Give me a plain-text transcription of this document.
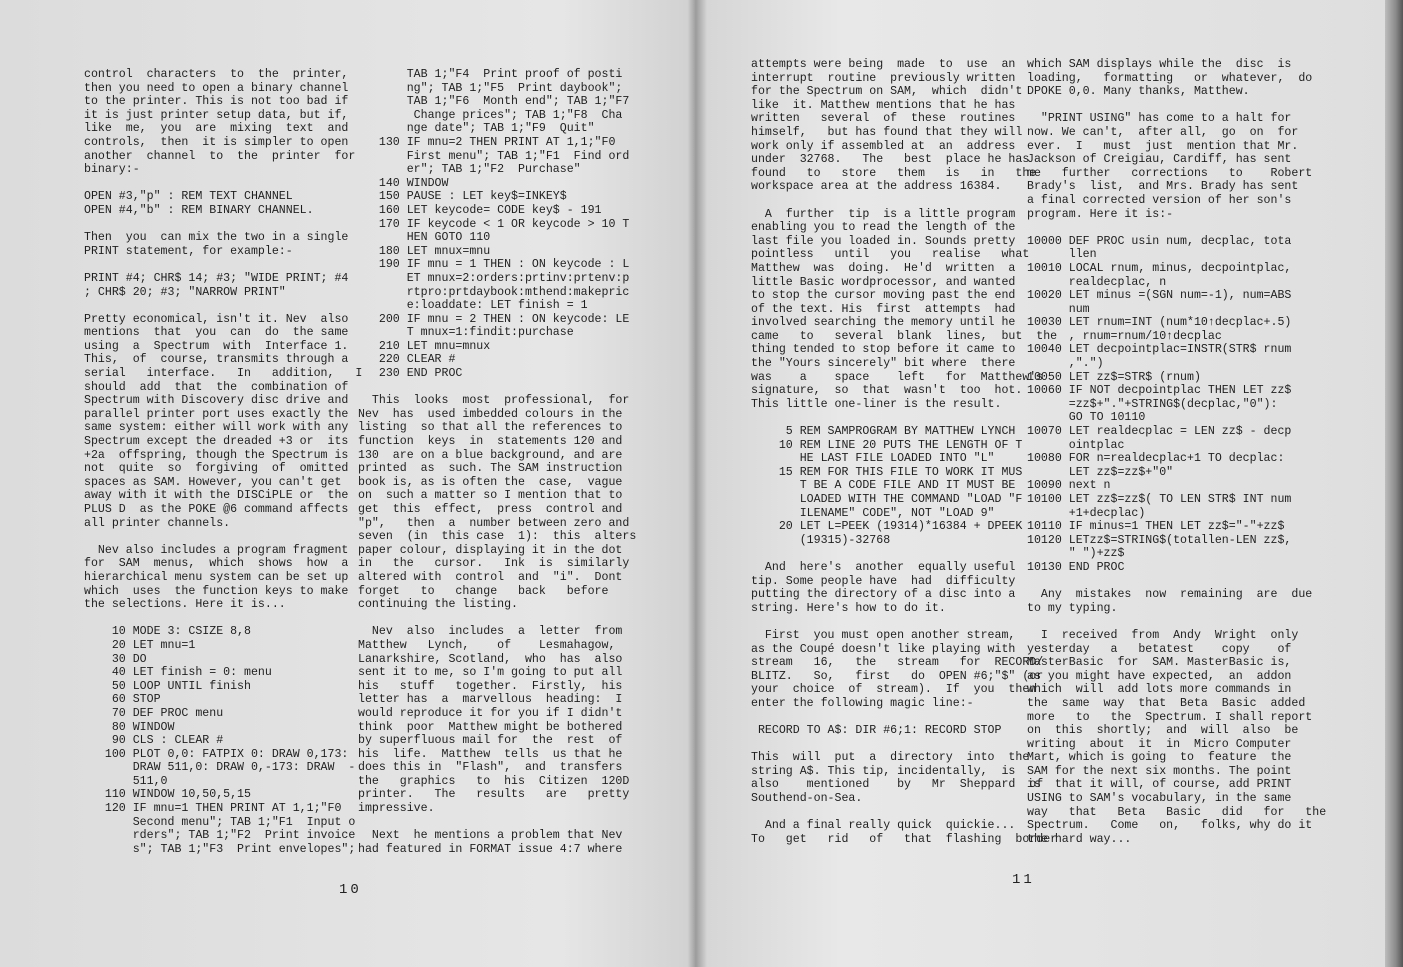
control  characters  to  the  printer,
then you need to open a binary channel
to the printer. This is not too bad if
it is just printer setup data, but if,
like  me,  you  are  mixing  text  and
controls,  then  it is simpler to open
another  channel  to  the  printer  for
binary:-

OPEN #3,"p" : REM TEXT CHANNEL
OPEN #4,"b" : REM BINARY CHANNEL.

Then  you  can mix the two in a single
PRINT statement, for example:-

PRINT #4; CHR$ 14; #3; "WIDE PRINT; #4
; CHR$ 20; #3; "NARROW PRINT"

Pretty economical, isn't it. Nev  also
mentions  that  you  can  do  the same
using  a  Spectrum  with  Interface 1.
This,  of  course, transmits through a
serial   interface.   In   addition,   I
should  add  that  the  combination of
Spectrum with Discovery disc drive and
parallel printer port uses exactly the
same system: either will work with any
Spectrum except the dreaded +3 or  its
+2a  offspring, though the Spectrum is
not  quite  so  forgiving  of  omitted
spaces as SAM. However, you can't get
away with it with the DISCiPLE or  the
PLUS D  as the POKE @6 command affects
all printer channels.

Nev also includes a program fragment
for  SAM  menus,  which  shows  how  a
hierarchical menu system can be set up
which  uses  the function keys to make
the selections. Here it is...

10 MODE 3: CSIZE 8,8
20 LET mnu=1
30 DO
40 LET finish = 0: menu
50 LOOP UNTIL finish
60 STOP
70 DEF PROC menu
80 WINDOW
90 CLS : CLEAR #
100 PLOT 0,0: FATPIX 0: DRAW 0,173:
DRAW 511,0: DRAW 0,-173: DRAW  -
511,0
110 WINDOW 10,50,5,15
120 IF mnu=1 THEN PRINT AT 1,1;"F0
Second menu"; TAB 1;"F1  Input o
rders"; TAB 1;"F2  Print invoice
s"; TAB 1;"F3  Print envelopes";

TAB 1;"F4  Print proof of posti
ng"; TAB 1;"F5  Print daybook";
TAB 1;"F6  Month end"; TAB 1;"F7
Change prices"; TAB 1;"F8  Cha
nge date"; TAB 1;"F9  Quit"
130 IF mnu=2 THEN PRINT AT 1,1;"F0
First menu"; TAB 1;"F1  Find ord
er"; TAB 1;"F2  Purchase"
140 WINDOW
150 PAUSE : LET key$=INKEY$
160 LET keycode= CODE key$ - 191
170 IF keycode < 1 OR keycode > 10 T
HEN GOTO 110
180 LET mnux=mnu
190 IF mnu = 1 THEN : ON keycode : L
ET mnux=2:orders:prtinv:prtenv:p
rtpro:prtdaybook:mthend:makepric
e:loaddate: LET finish = 1
200 IF mnu = 2 THEN : ON keycode: LE
T mnux=1:findit:purchase
210 LET mnu=mnux
220 CLEAR #
230 END PROC

This  looks  most  professional,  for
Nev  has  used imbedded colours in the
listing  so that all the references to
function  keys  in  statements 120 and
130  are on a blue background, and are
printed  as  such. The SAM instruction
book is, as is often the  case,  vague
on  such a matter so I mention that to
get  this  effect,  press  control and
"p",   then  a  number between zero and
seven  (in  this case  1):  this  alters
paper colour, displaying it in the dot
in   the   cursor.   Ink  is  similarly
altered with  control  and  "i".  Dont
forget   to   change   back   before
continuing the listing.

Nev  also  includes  a  letter  from
Matthew   Lynch,    of    Lesmahagow,
Lanarkshire, Scotland,  who  has  also
sent it to me, so I'm going to put all
his   stuff   together.  Firstly,  his
letter has  a  marvellous  heading:  I
would reproduce it for you if I didn't
think  poor  Matthew might be bothered
by superfluous mail for  the  rest  of
his  life.  Matthew  tells  us that he
does this in  "Flash",  and  transfers
the   graphics   to  his  Citizen  120D
printer.   The   results   are   pretty
impressive.

Next  he mentions a problem that Nev
had featured in FORMAT issue 4:7 where

10

attempts were being  made  to  use  an
interrupt  routine  previously written
for the Spectrum on SAM,  which  didn't
like  it. Matthew mentions that he has
written   several  of  these  routines
himself,   but has found that they will
work only if assembled at  an  address
under  32768.   The   best  place he has
found   to   store   them   is   in   the
workspace area at the address 16384.

A  further  tip  is a little program
enabling you to read the length of the
last file you loaded in. Sounds pretty
pointless   until   you   realise   what
Matthew  was  doing.  He'd  written  a
little Basic wordprocessor, and wanted
to stop the cursor moving past the end
of the text. His  first  attempts  had
involved searching the memory until he
came   to   several  blank  lines,  but  the
thing tended to stop before it came to
the "Yours sincerely" bit where  there
was    a    space    left   for  Matthew's
signature,  so  that  wasn't  too  hot.
This little one-liner is the result.

5 REM SAMPROGRAM BY MATTHEW LYNCH
10 REM LINE 20 PUTS THE LENGTH OF T
HE LAST FILE LOADED INTO "L"
15 REM FOR THIS FILE TO WORK IT MUS
T BE A CODE FILE AND IT MUST BE
LOADED WITH THE COMMAND "LOAD "F
ILENAME" CODE", NOT "LOAD 9"
20 LET L=PEEK (19314)*16384 + DPEEK
(19315)-32768

And  here's  another  equally useful
tip. Some people have  had  difficulty
putting the directory of a disc into a
string. Here's how to do it.

First  you must open another stream,
as the Coupé doesn't like playing with
stream   16,   the   stream   for  RECORD/
BLITZ.   So,   first   do  OPEN #6;"$" (or
your  choice  of  stream).  If  you  then
enter the following magic line:-

RECORD TO A$: DIR #6;1: RECORD STOP

This  will  put  a  directory  into  the
string A$. This tip, incidentally,  is
also    mentioned    by   Mr  Sheppard  of
Southend-on-Sea.

And a final really quick  quickie...
To   get   rid   of   that  flashing  border

which SAM displays while the  disc  is
loading,   formatting   or  whatever,  do
DPOKE 0,0. Many thanks, Matthew.

"PRINT USING" has come to a halt for
now. We can't,  after all,  go  on  for
ever.  I   must  just  mention that Mr.
Jackson of Creigiau, Cardiff, has sent
me   further   corrections   to    Robert
Brady's  list,  and Mrs. Brady has sent
a final corrected version of her son's
program. Here it is:-

10000 DEF PROC usin num, decplac, tota
llen
10010 LOCAL rnum, minus, decpointplac,
realdecplac, n
10020 LET minus =(SGN num=-1), num=ABS
num
10030 LET rnum=INT (num*10↑decplac+.5)
, rnum=rnum/10↑decplac
10040 LET decpointplac=INSTR(STR$ rnum
,".")
10050 LET zz$=STR$ (rnum)
10060 IF NOT decpointplac THEN LET zz$
=zz$+"."+STRING$(decplac,"0"):
GO TO 10110
10070 LET realdecplac = LEN zz$ - decp
ointplac
10080 FOR n=realdecplac+1 TO decplac:
LET zz$=zz$+"0"
10090 next n
10100 LET zz$=zz$( TO LEN STR$ INT num
+1+decplac)
10110 IF minus=1 THEN LET zz$="-"+zz$
10120 LETzz$=STRING$(totallen-LEN zz$,
" ")+zz$
10130 END PROC

Any  mistakes  now  remaining  are  due
to my typing.

I  received  from  Andy  Wright  only
yesterday   a   betatest    copy    of
MasterBasic  for  SAM. MasterBasic is,
as you might have expected,  an  addon
which  will  add lots more commands in
the  same  way  that  Beta  Basic  added
more   to   the  Spectrum. I shall report
on  this  shortly;  and  will  also  be
writing  about  it  in  Micro Computer
Mart, which is going  to  feature  the
SAM for the next six months. The point
is  that it will, of course, add PRINT
USING to SAM's vocabulary, in the same
way   that   Beta   Basic   did   for   the
Spectrum.   Come   on,   folks, why do it
the hard way...

11
